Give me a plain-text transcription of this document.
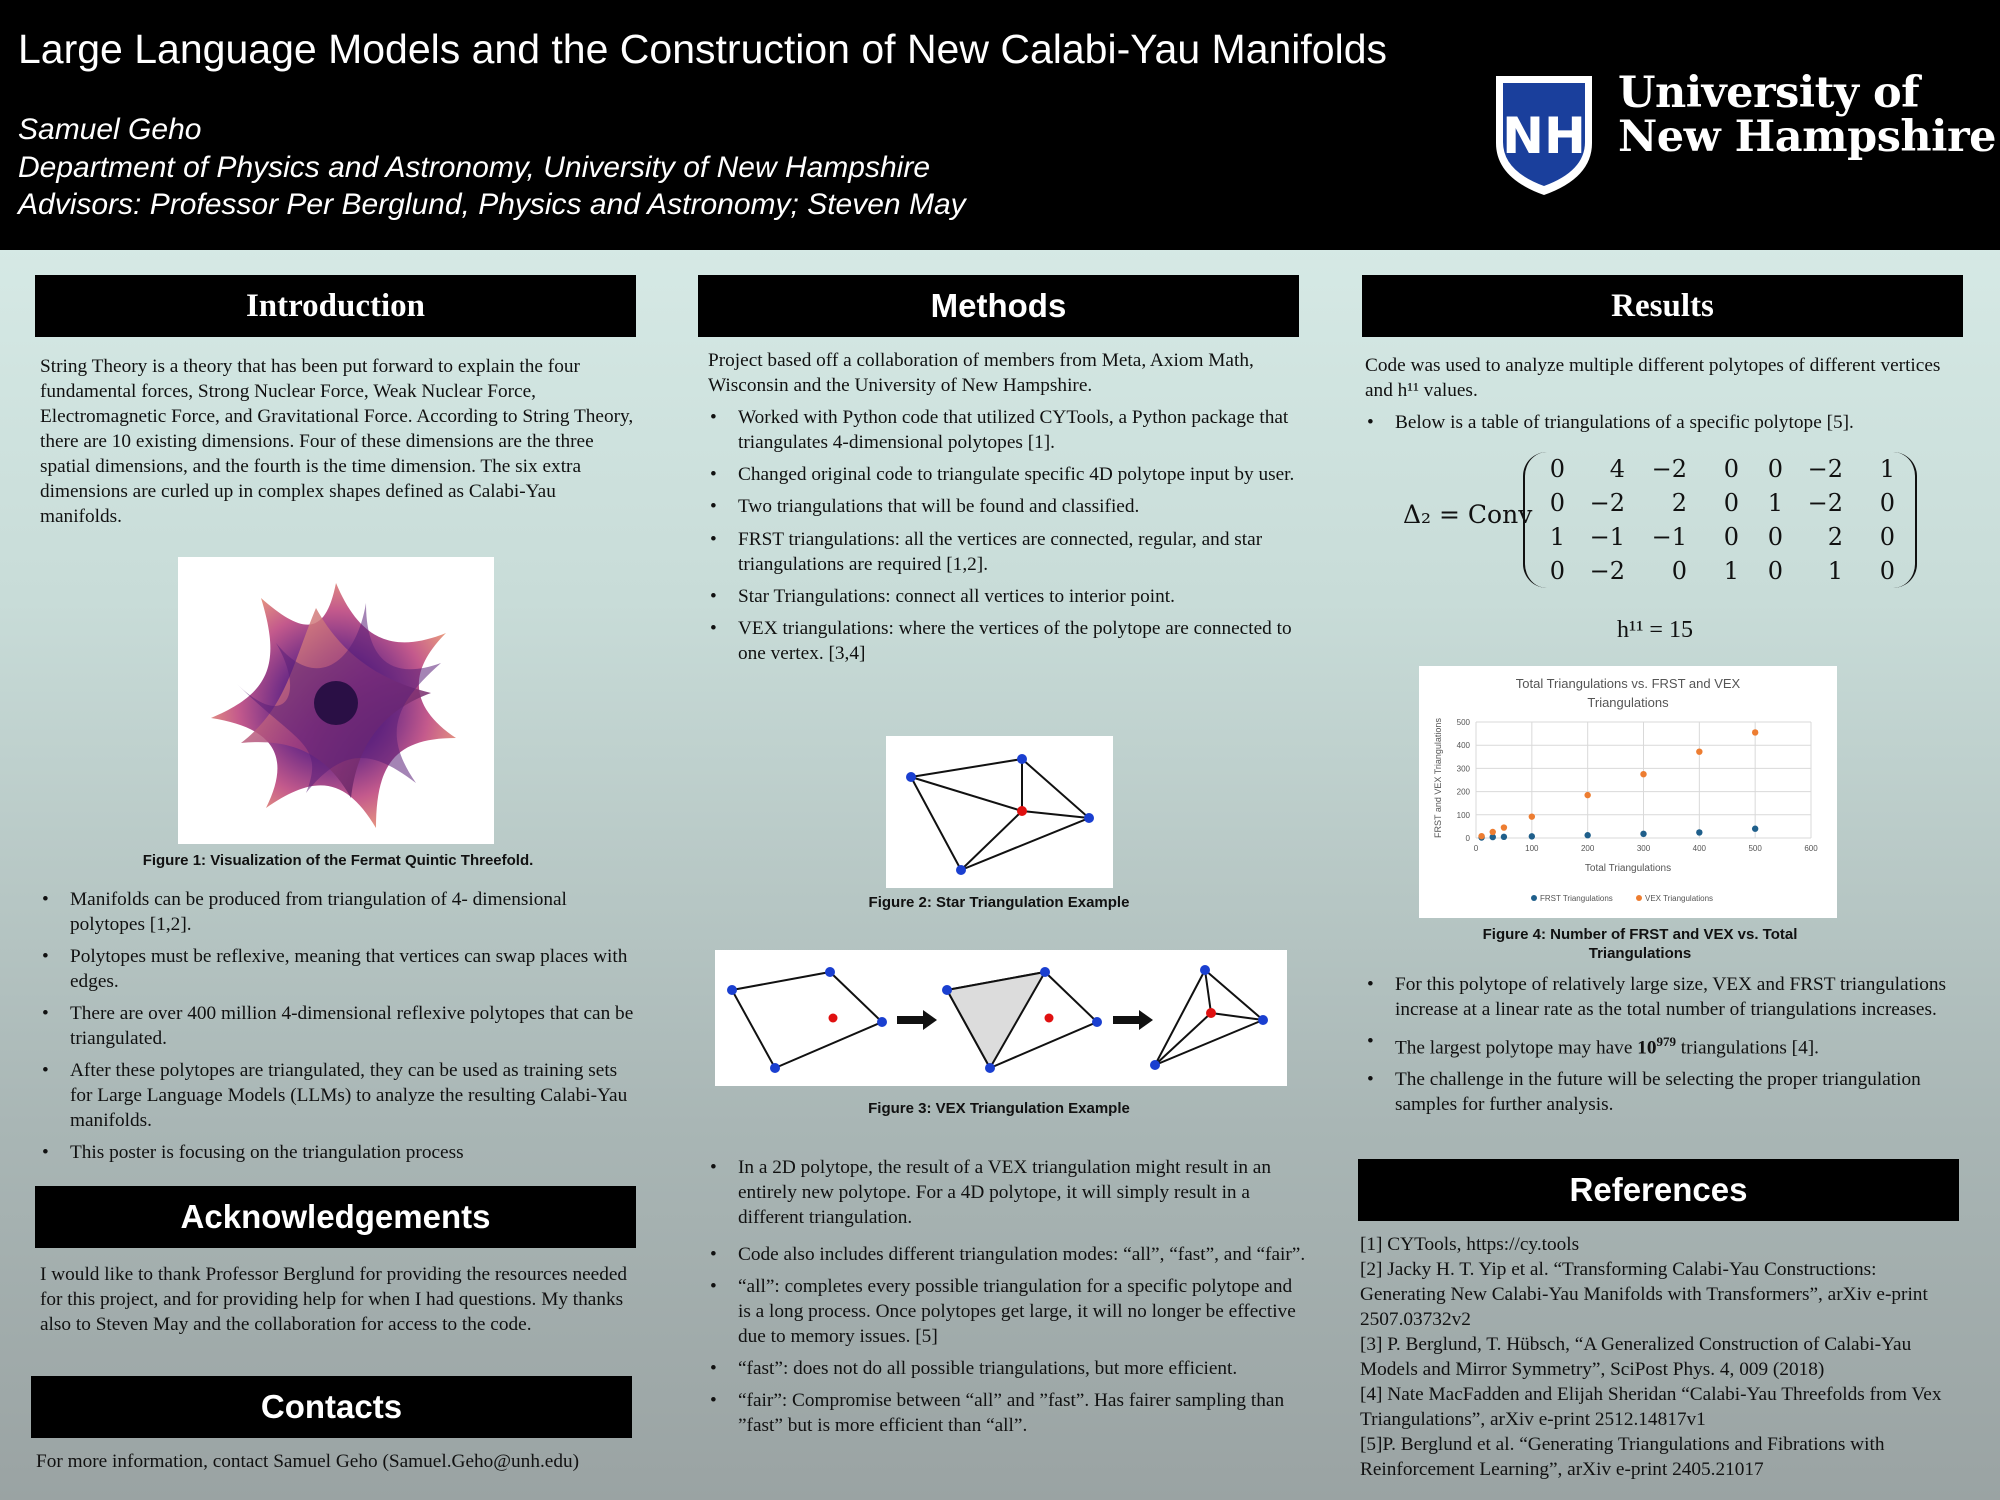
Large Language Models and the Construction of New Calabi-Yau Manifolds
Samuel Geho
Department of Physics and Astronomy, University of New Hampshire
Advisors: Professor Per Berglund, Physics and Astronomy; Steven May
NH
University of
New Hampshire
Introduction
String Theory is a theory that has been put forward to explain the four fundamental forces, Strong Nuclear Force, Weak Nuclear Force, Electromagnetic Force, and Gravitational Force. According to String Theory, there are 10 existing dimensions. Four of these dimensions are the three spatial dimensions, and the fourth is the time dimension. The six extra dimensions are curled up in complex shapes defined as Calabi-Yau manifolds.
Figure 1: Visualization of the Fermat Quintic Threefold.
• Manifolds can be produced from triangulation of 4- dimensional polytopes [1,2].
• Polytopes must be reflexive, meaning that vertices can swap places with edges.
• There are over 400 million 4-dimensional reflexive polytopes that can be triangulated.
• After these polytopes are triangulated, they can be used as training sets for Large Language Models (LLMs) to analyze the resulting Calabi-Yau manifolds.
• This poster is focusing on the triangulation process
Acknowledgements
I would like to thank Professor Berglund for providing the resources needed for this project, and for providing help for when I had questions. My thanks also to Steven May and the collaboration for access to the code.
Contacts
For more information, contact Samuel Geho (Samuel.Geho@unh.edu)
Methods
Project based off a collaboration of members from Meta, Axiom Math, Wisconsin and the University of New Hampshire.
• Worked with Python code that utilized CYTools, a Python package that triangulates 4-dimensional polytopes [1].
• Changed original code to triangulate specific 4D polytope input by user.
• Two triangulations that will be found and classified.
• FRST triangulations: all the vertices are connected, regular, and star triangulations are required [1,2].
• Star Triangulations: connect all vertices to interior point.
• VEX triangulations: where the vertices of the polytope are connected to one vertex. [3,4]
Figure 2: Star Triangulation Example
Figure 3: VEX Triangulation Example
• In a 2D polytope, the result of a VEX triangulation might result in an entirely new polytope. For a 4D polytope, it will simply result in a different triangulation.
• Code also includes different triangulation modes: “all”, “fast”, and “fair”.
• “all”: completes every possible triangulation for a specific polytope and is a long process. Once polytopes get large, it will no longer be effective due to memory issues. [5]
• “fast”: does not do all possible triangulations, but more efficient.
• “fair”: Compromise between “all” and ”fast”. Has fairer sampling than ”fast” but is more efficient than “all”.
Results
Code was used to analyze multiple different polytopes of different vertices and h¹¹ values.
• Below is a table of triangulations of a specific polytope [5].
Δ₂ = Conv
0	4	−2	0	0	−2	1
0	−2	2	0	1	−2	0
1	−1	−1	0	0	2	0
0	−2	0	1	0	1	0
h¹¹ = 15
Total Triangulations vs. FRST and VEX
Triangulations
0
100
200
300
400
500
0	100	200	300	400	500	600
Total Triangulations
FRST and VEX Triangulations
FRST Triangulations	VEX Triangulations
Figure 4: Number of FRST and VEX vs. Total Triangulations
• For this polytope of relatively large size, VEX and FRST triangulations increase at a linear rate as the total number of triangulations increases.
• The largest polytope may have $10^{979}$ triangulations [4].
• The challenge in the future will be selecting the proper triangulation samples for further analysis.
References
[1] CYTools, https://cy.tools
[2] Jacky H. T. Yip et al. “Transforming Calabi-Yau Constructions: Generating New Calabi-Yau Manifolds with Transformers”, arXiv e-print 2507.03732v2
[3] P. Berglund, T. Hübsch, “A Generalized Construction of Calabi-Yau Models and Mirror Symmetry”, SciPost Phys. 4, 009 (2018)
[4] Nate MacFadden and Elijah Sheridan “Calabi-Yau Threefolds from Vex Triangulations”, arXiv e-print 2512.14817v1
[5]P. Berglund et al. “Generating Triangulations and Fibrations with Reinforcement Learning”, arXiv e-print 2405.21017
